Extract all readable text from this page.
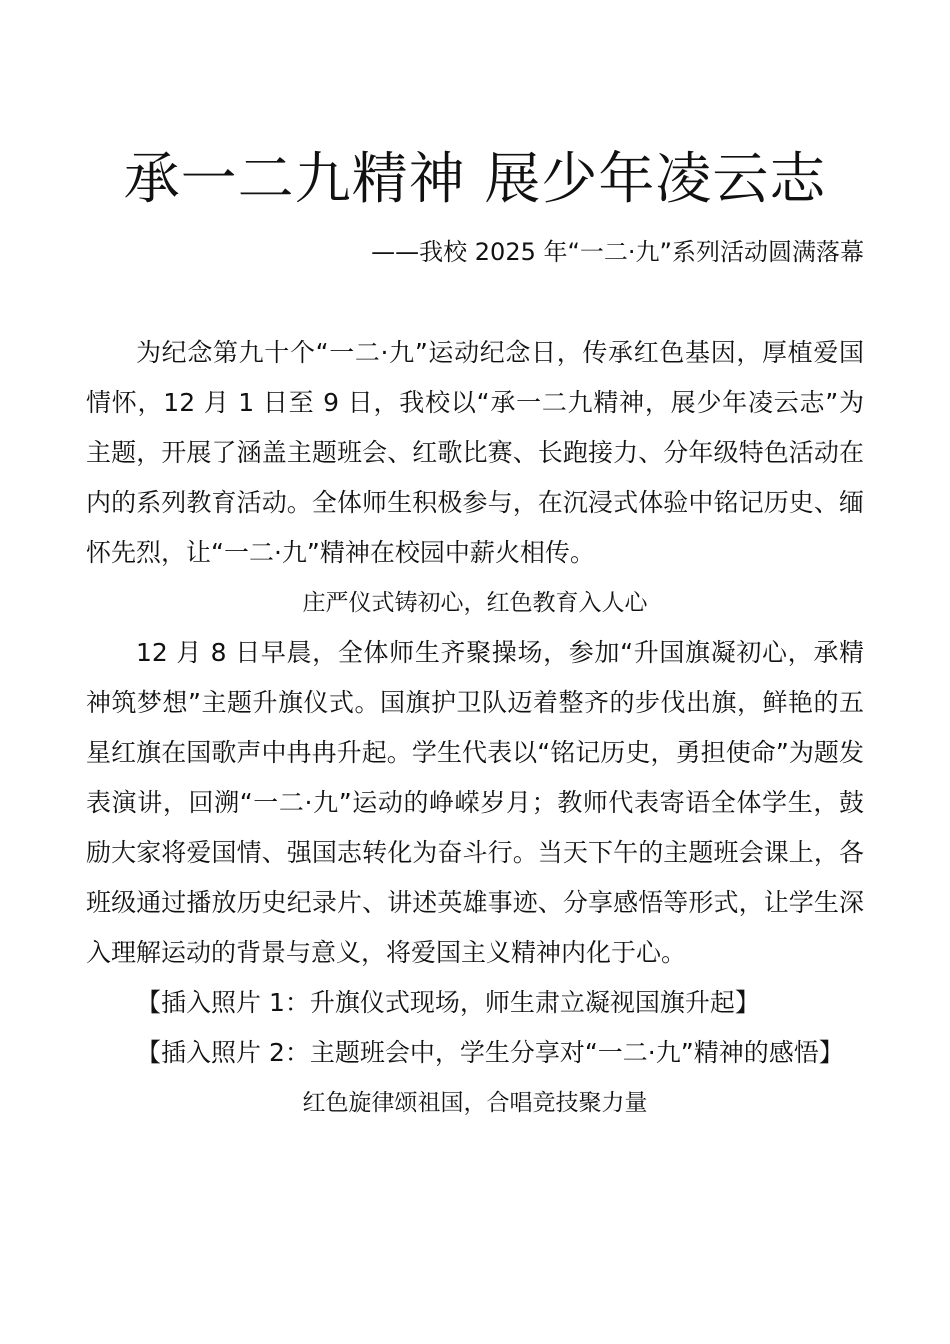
承一二九精神 展少年凌云志

——我校 2025 年“一二·九”系列活动圆满落幕

为纪念第九十个“一二·九”运动纪念日，传承红色基因，厚植爱国情怀，12 月 1 日至 9 日，我校以“承一二九精神，展少年凌云志”为主题，开展了涵盖主题班会、红歌比赛、长跑接力、分年级特色活动在内的系列教育活动。全体师生积极参与，在沉浸式体验中铭记历史、缅怀先烈，让“一二·九”精神在校园中薪火相传。

庄严仪式铸初心，红色教育入人心

12 月 8 日早晨，全体师生齐聚操场，参加“升国旗凝初心，承精神筑梦想”主题升旗仪式。国旗护卫队迈着整齐的步伐出旗，鲜艳的五星红旗在国歌声中冉冉升起。学生代表以“铭记历史，勇担使命”为题发表演讲，回溯“一二·九”运动的峥嵘岁月；教师代表寄语全体学生，鼓励大家将爱国情、强国志转化为奋斗行。当天下午的主题班会课上，各班级通过播放历史纪录片、讲述英雄事迹、分享感悟等形式，让学生深入理解运动的背景与意义，将爱国主义精神内化于心。

【插入照片 1：升旗仪式现场，师生肃立凝视国旗升起】

【插入照片 2：主题班会中，学生分享对“一二·九”精神的感悟】

红色旋律颂祖国，合唱竞技聚力量
